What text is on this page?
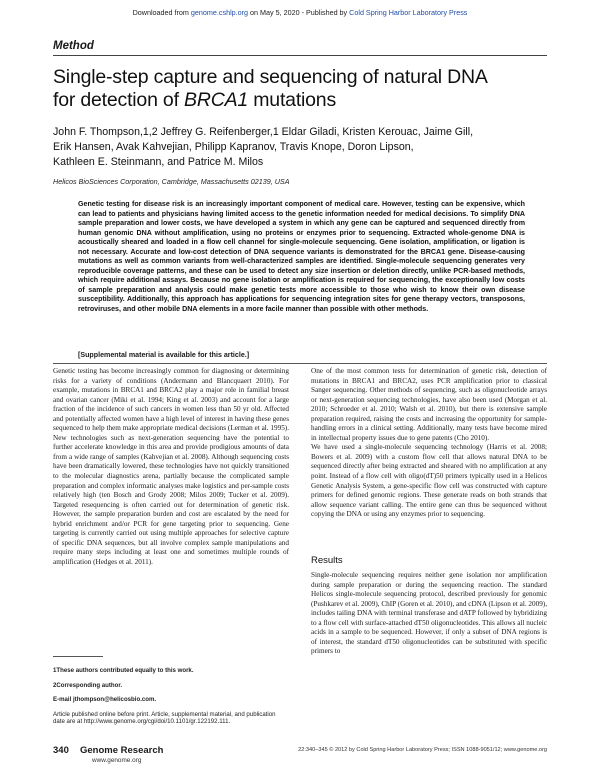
Downloaded from genome.cshlp.org on May 5, 2020 - Published by Cold Spring Harbor Laboratory Press
Method
Single-step capture and sequencing of natural DNA
for detection of BRCA1 mutations
John F. Thompson,1,2 Jeffrey G. Reifenberger,1 Eldar Giladi, Kristen Kerouac, Jaime Gill,
Erik Hansen, Avak Kahvejian, Philipp Kapranov, Travis Knope, Doron Lipson,
Kathleen E. Steinmann, and Patrice M. Milos
Helicos BioSciences Corporation, Cambridge, Massachusetts 02139, USA
Genetic testing for disease risk is an increasingly important component of medical care. However, testing can be expensive, which can lead to patients and physicians having limited access to the genetic information needed for medical decisions. To simplify DNA sample preparation and lower costs, we have developed a system in which any gene can be captured and sequenced directly from human genomic DNA without amplification, using no proteins or enzymes prior to sequencing. Extracted whole-genome DNA is acoustically sheared and loaded in a flow cell channel for single-molecule sequencing. Gene isolation, amplification, or ligation is not necessary. Accurate and low-cost detection of DNA sequence variants is demonstrated for the BRCA1 gene. Disease-causing mutations as well as common variants from well-characterized samples are identified. Single-molecule sequencing generates very reproducible coverage patterns, and these can be used to detect any size insertion or deletion directly, unlike PCR-based methods, which require additional assays. Because no gene isolation or amplification is required for sequencing, the exceptionally low costs of sample preparation and analysis could make genetic tests more accessible to those who wish to know their own disease susceptibility. Additionally, this approach has applications for sequencing integration sites for gene therapy vectors, transposons, retroviruses, and other mobile DNA elements in a more facile manner than possible with other methods.
[Supplemental material is available for this article.]
Genetic testing has become increasingly common for diagnosing or determining risks for a variety of conditions (Andermann and Blancquaert 2010). For example, mutations in BRCA1 and BRCA2 play a major role in familial breast and ovarian cancer (Miki et al. 1994; King et al. 2003) and account for a large fraction of the incidence of such cancers in women less than 50 yr old. Affected and potentially affected women have a high level of interest in having these genes sequenced to help them make appropriate medical decisions (Lerman et al. 1995). New technologies such as next-generation sequencing have the potential to further accelerate knowledge in this area and provide prodigious amounts of data from a wide range of samples (Kahvejian et al. 2008). Although sequencing costs have been dramatically lowered, these technologies have not quickly transitioned to the molecular diagnostics arena, partially because the complicated sample preparation and complex informatic analyses make logistics and per-sample costs relatively high (ten Bosch and Grody 2008; Milos 2009; Tucker et al. 2009). Targeted resequencing is often carried out for determination of genetic risk. However, the sample preparation burden and cost are escalated by the need for hybrid enrichment and/or PCR for gene targeting prior to sequencing. Gene targeting is currently carried out using multiple approaches for selective capture of specific DNA sequences, but all involve complex sample manipulations and require many steps including at least one and sometimes multiple rounds of amplification (Hedges et al. 2011).
One of the most common tests for determination of genetic risk, detection of mutations in BRCA1 and BRCA2, uses PCR amplification prior to classical Sanger sequencing. Other methods of sequencing, such as oligonucleotide arrays or next-generation sequencing technologies, have also been used (Morgan et al. 2010; Schroeder et al. 2010; Walsh et al. 2010), but there is extensive sample preparation required, raising the costs and increasing the opportunity for sample-handling errors in a clinical setting. Additionally, many tests have become mired in intellectual property issues due to gene patents (Cho 2010).
We have used a single-molecule sequencing technology (Harris et al. 2008; Bowers et al. 2009) with a custom flow cell that allows natural DNA to be sequenced directly after being extracted and sheared with no amplification at any point. Instead of a flow cell with oligo(dT)50 primers typically used in a Helicos Genetic Analysis System, a gene-specific flow cell was constructed with capture primers for defined genomic regions. These generate reads on both strands that allow sequence variant calling. The entire gene can thus be sequenced without copying the DNA or using any enzymes prior to sequencing.
Results
Single-molecule sequencing requires neither gene isolation nor amplification during sample preparation or during the sequencing reaction. The standard Helicos single-molecule sequencing protocol, described previously for genomic (Pushkarev et al. 2009), ChIP (Goren et al. 2010), and cDNA (Lipson et al. 2009), includes tailing DNA with terminal transferase and dATP followed by hybridizing to a flow cell with surface-attached dT50 oligonucleotides. This allows all nucleic acids in a sample to be sequenced. However, if only a subset of DNA regions is of interest, the standard dT50 oligonucleotides can be substituted with specific primers to

1These authors contributed equally to this work.

2Corresponding author.

E-mail jthompson@helicosbio.com.

Article published online before print. Article, supplemental material, and publication date are at http://www.genome.org/cgi/doi/10.1101/gr.122192.111.

340 Genome Research
www.genome.org
22:340–345 © 2012 by Cold Spring Harbor Laboratory Press; ISSN 1088-9051/12; www.genome.org
